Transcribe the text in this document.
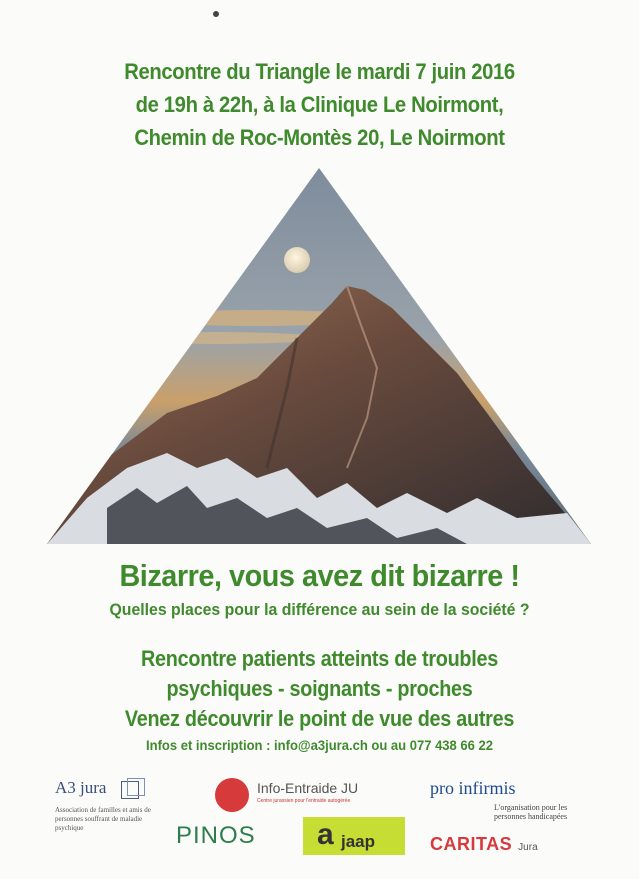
Rencontre du Triangle le mardi 7 juin 2016
de 19h à 22h, à la Clinique Le Noirmont,
Chemin de Roc-Montès 20, Le Noirmont
Bizarre, vous avez dit bizarre !
Quelles places pour la différence au sein de la société ?
Rencontre patients atteints de troubles
psychiques - soignants - proches
Venez découvrir le point de vue des autres
Infos et inscription : info@a3jura.ch ou au 077 438 66 22
A3 jura
Association de familles et amis de personnes souffrant de maladie psychique
Info-Entraide JU
Centre jurassien pour l'entraide autogérée
pro infirmis
L'organisation pour les
personnes handicapées
PINOS a jaap	CARITAS Jura
